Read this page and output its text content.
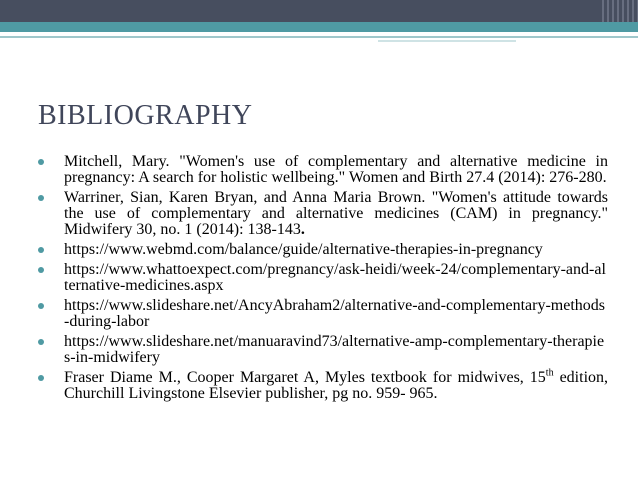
BIBLIOGRAPHY
Mitchell, Mary. "Women's use of complementary and alternative medicine in pregnancy: A search for holistic wellbeing." Women and Birth 27.4 (2014): 276-280.
Warriner, Sian, Karen Bryan, and Anna Maria Brown. "Women's attitude towards the use of complementary and alternative medicines (CAM) in pregnancy." Midwifery 30, no. 1 (2014): 138-143.
https://www.webmd.com/balance/guide/alternative-therapies-in-pregnancy
https://www.whattoexpect.com/pregnancy/ask-heidi/week-24/complementary-and-alternative-medicines.aspx
https://www.slideshare.net/AncyAbraham2/alternative-and-complementary-methods-during-labor
https://www.slideshare.net/manuaravind73/alternative-amp-complementary-therapies-in-midwifery
Fraser Diame M., Cooper Margaret A, Myles textbook for midwives, 15th edition, Churchill Livingstone Elsevier publisher, pg no. 959- 965.
